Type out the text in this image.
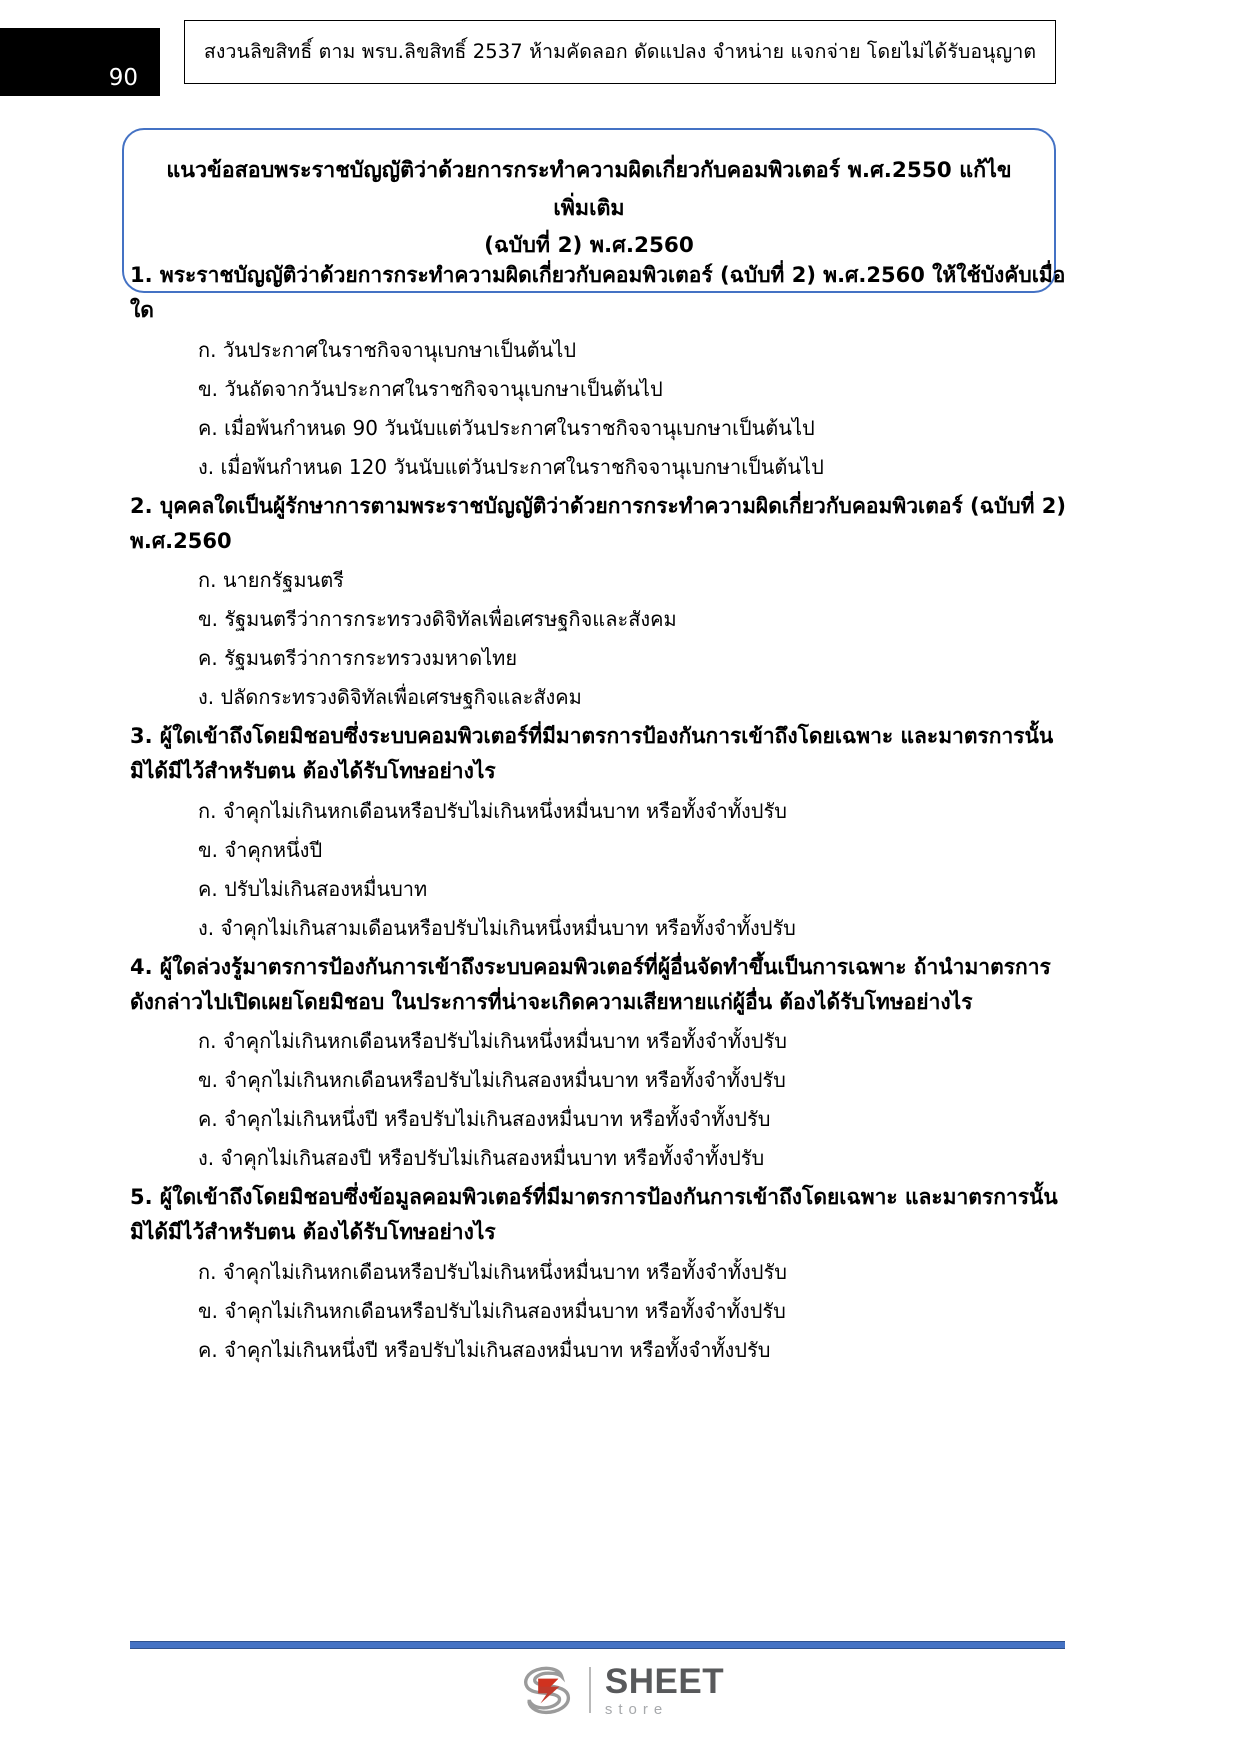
90
สงวนลิขสิทธิ์ ตาม พรบ.ลิขสิทธิ์ 2537 ห้ามคัดลอก ดัดแปลง จำหน่าย แจกจ่าย โดยไม่ได้รับอนุญาต
แนวข้อสอบพระราชบัญญัติว่าด้วยการกระทำความผิดเกี่ยวกับคอมพิวเตอร์ พ.ศ.2550 แก้ไขเพิ่มเติม
(ฉบับที่ 2) พ.ศ.2560

1. พระราชบัญญัติว่าด้วยการกระทำความผิดเกี่ยวกับคอมพิวเตอร์ (ฉบับที่ 2) พ.ศ.2560 ให้ใช้บังคับเมื่อใด

ก. วันประกาศในราชกิจจานุเบกษาเป็นต้นไป
ข. วันถัดจากวันประกาศในราชกิจจานุเบกษาเป็นต้นไป
ค. เมื่อพ้นกำหนด 90 วันนับแต่วันประกาศในราชกิจจานุเบกษาเป็นต้นไป
ง. เมื่อพ้นกำหนด 120 วันนับแต่วันประกาศในราชกิจจานุเบกษาเป็นต้นไป

2. บุคคลใดเป็นผู้รักษาการตามพระราชบัญญัติว่าด้วยการกระทำความผิดเกี่ยวกับคอมพิวเตอร์ (ฉบับที่ 2) พ.ศ.2560

ก. นายกรัฐมนตรี
ข. รัฐมนตรีว่าการกระทรวงดิจิทัลเพื่อเศรษฐกิจและสังคม
ค. รัฐมนตรีว่าการกระทรวงมหาดไทย
ง. ปลัดกระทรวงดิจิทัลเพื่อเศรษฐกิจและสังคม

3. ผู้ใดเข้าถึงโดยมิชอบซึ่งระบบคอมพิวเตอร์ที่มีมาตรการป้องกันการเข้าถึงโดยเฉพาะ และมาตรการนั้นมิได้มีไว้สำหรับตน ต้องได้รับโทษอย่างไร

ก. จำคุกไม่เกินหกเดือนหรือปรับไม่เกินหนึ่งหมื่นบาท หรือทั้งจำทั้งปรับ
ข. จำคุกหนึ่งปี
ค. ปรับไม่เกินสองหมื่นบาท
ง. จำคุกไม่เกินสามเดือนหรือปรับไม่เกินหนึ่งหมื่นบาท หรือทั้งจำทั้งปรับ

4. ผู้ใดล่วงรู้มาตรการป้องกันการเข้าถึงระบบคอมพิวเตอร์ที่ผู้อื่นจัดทำขึ้นเป็นการเฉพาะ ถ้านำมาตรการดังกล่าวไปเปิดเผยโดยมิชอบ ในประการที่น่าจะเกิดความเสียหายแก่ผู้อื่น ต้องได้รับโทษอย่างไร

ก. จำคุกไม่เกินหกเดือนหรือปรับไม่เกินหนึ่งหมื่นบาท หรือทั้งจำทั้งปรับ
ข. จำคุกไม่เกินหกเดือนหรือปรับไม่เกินสองหมื่นบาท หรือทั้งจำทั้งปรับ
ค. จำคุกไม่เกินหนึ่งปี หรือปรับไม่เกินสองหมื่นบาท หรือทั้งจำทั้งปรับ
ง. จำคุกไม่เกินสองปี หรือปรับไม่เกินสองหมื่นบาท หรือทั้งจำทั้งปรับ

5. ผู้ใดเข้าถึงโดยมิชอบซึ่งข้อมูลคอมพิวเตอร์ที่มีมาตรการป้องกันการเข้าถึงโดยเฉพาะ และมาตรการนั้นมิได้มีไว้สำหรับตน ต้องได้รับโทษอย่างไร

ก. จำคุกไม่เกินหกเดือนหรือปรับไม่เกินหนึ่งหมื่นบาท หรือทั้งจำทั้งปรับ
ข. จำคุกไม่เกินหกเดือนหรือปรับไม่เกินสองหมื่นบาท หรือทั้งจำทั้งปรับ
ค. จำคุกไม่เกินหนึ่งปี หรือปรับไม่เกินสองหมื่นบาท หรือทั้งจำทั้งปรับ
SHEET
store
